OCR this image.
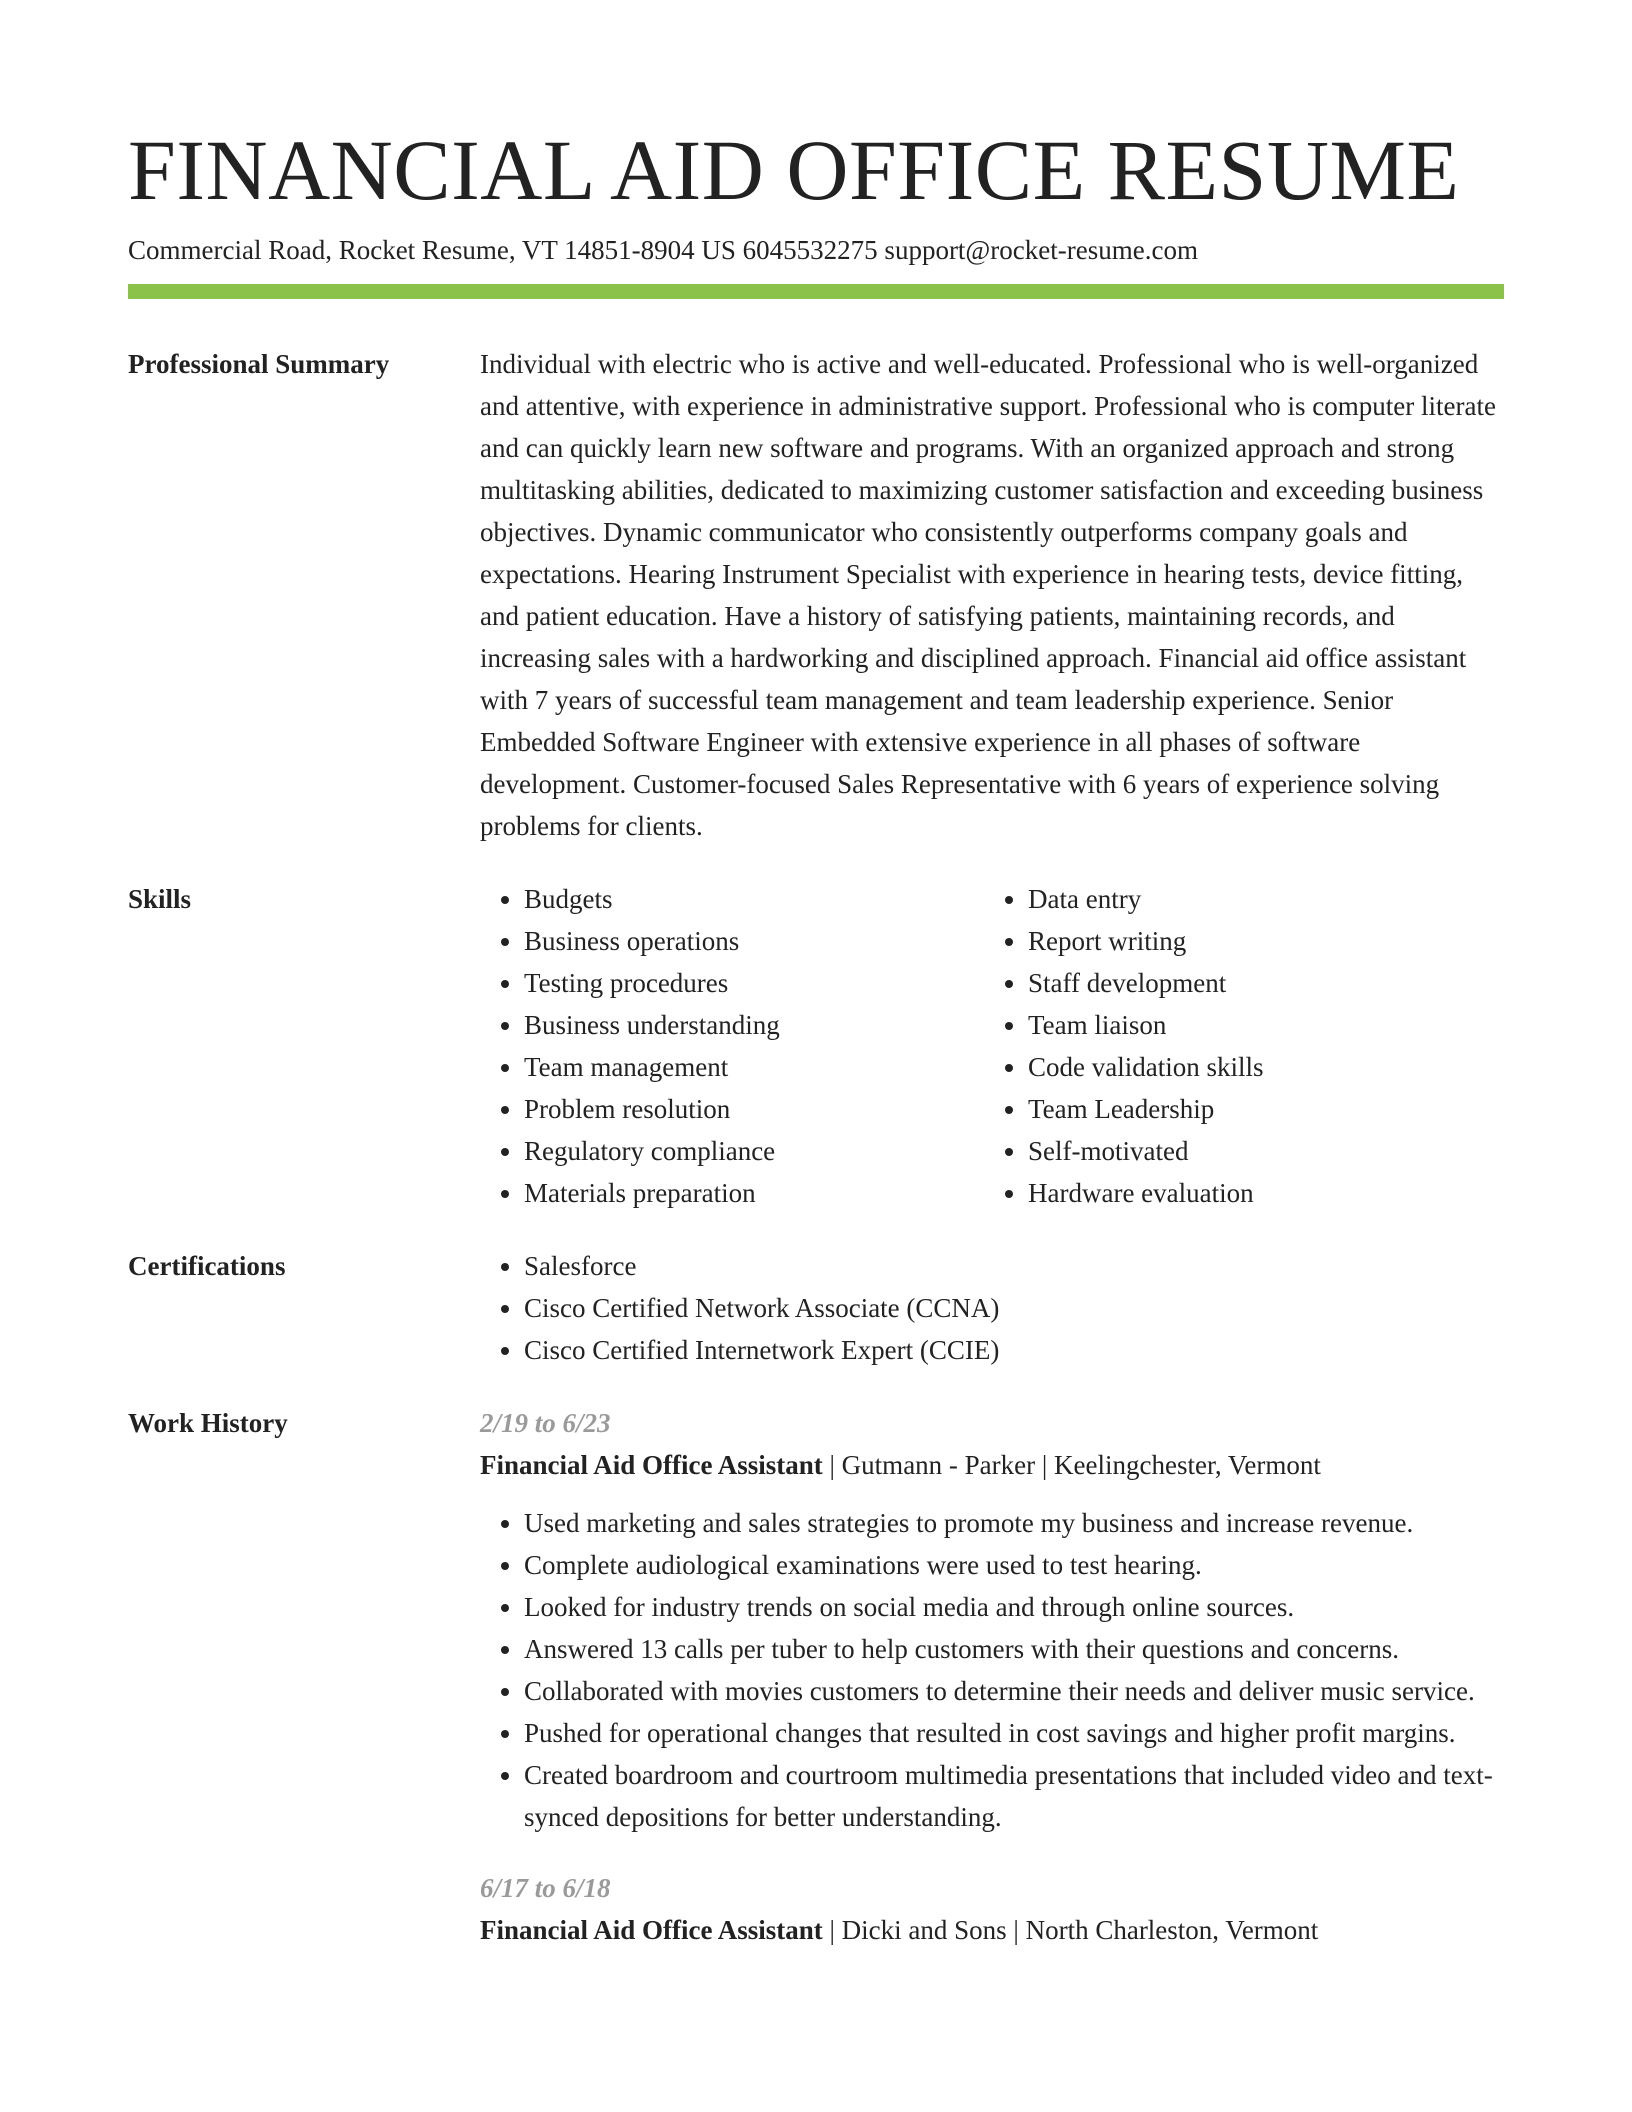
FINANCIAL AID OFFICE RESUME
Commercial Road, Rocket Resume, VT 14851-8904 US 6045532275 support@rocket-resume.com
Professional Summary	Individual with electric who is active and well-educated. Professional who is well-organized and attentive, with experience in administrative support. Professional who is computer literate and can quickly learn new software and programs. With an organized approach and strong multitasking abilities, dedicated to maximizing customer satisfaction and exceeding business objectives. Dynamic communicator who consistently outperforms company goals and expectations. Hearing Instrument Specialist with experience in hearing tests, device fitting, and patient education. Have a history of satisfying patients, maintaining records, and increasing sales with a hardworking and disciplined approach. Financial aid office assistant with 7 years of successful team management and team leadership experience. Senior Embedded Software Engineer with extensive experience in all phases of software development. Customer-focused Sales Representative with 6 years of experience solving problems for clients.

Skills	• Budgets
• Business operations
• Testing procedures
• Business understanding
• Team management
• Problem resolution
• Regulatory compliance
• Materials preparation
• Data entry
• Report writing
• Staff development
• Team liaison
• Code validation skills
• Team Leadership
• Self-motivated
• Hardware evaluation
Certifications	• Salesforce
• Cisco Certified Network Associate (CCNA)
• Cisco Certified Internetwork Expert (CCIE)
Work History	2/19 to 6/23
Financial Aid Office Assistant | Gutmann - Parker | Keelingchester, Vermont
• Used marketing and sales strategies to promote my business and increase revenue.
• Complete audiological examinations were used to test hearing.
• Looked for industry trends on social media and through online sources.
• Answered 13 calls per tuber to help customers with their questions and concerns.
• Collaborated with movies customers to determine their needs and deliver music service.
• Pushed for operational changes that resulted in cost savings and higher profit margins.
• Created boardroom and courtroom multimedia presentations that included video and text-synced depositions for better understanding.
6/17 to 6/18
Financial Aid Office Assistant | Dicki and Sons | North Charleston, Vermont
